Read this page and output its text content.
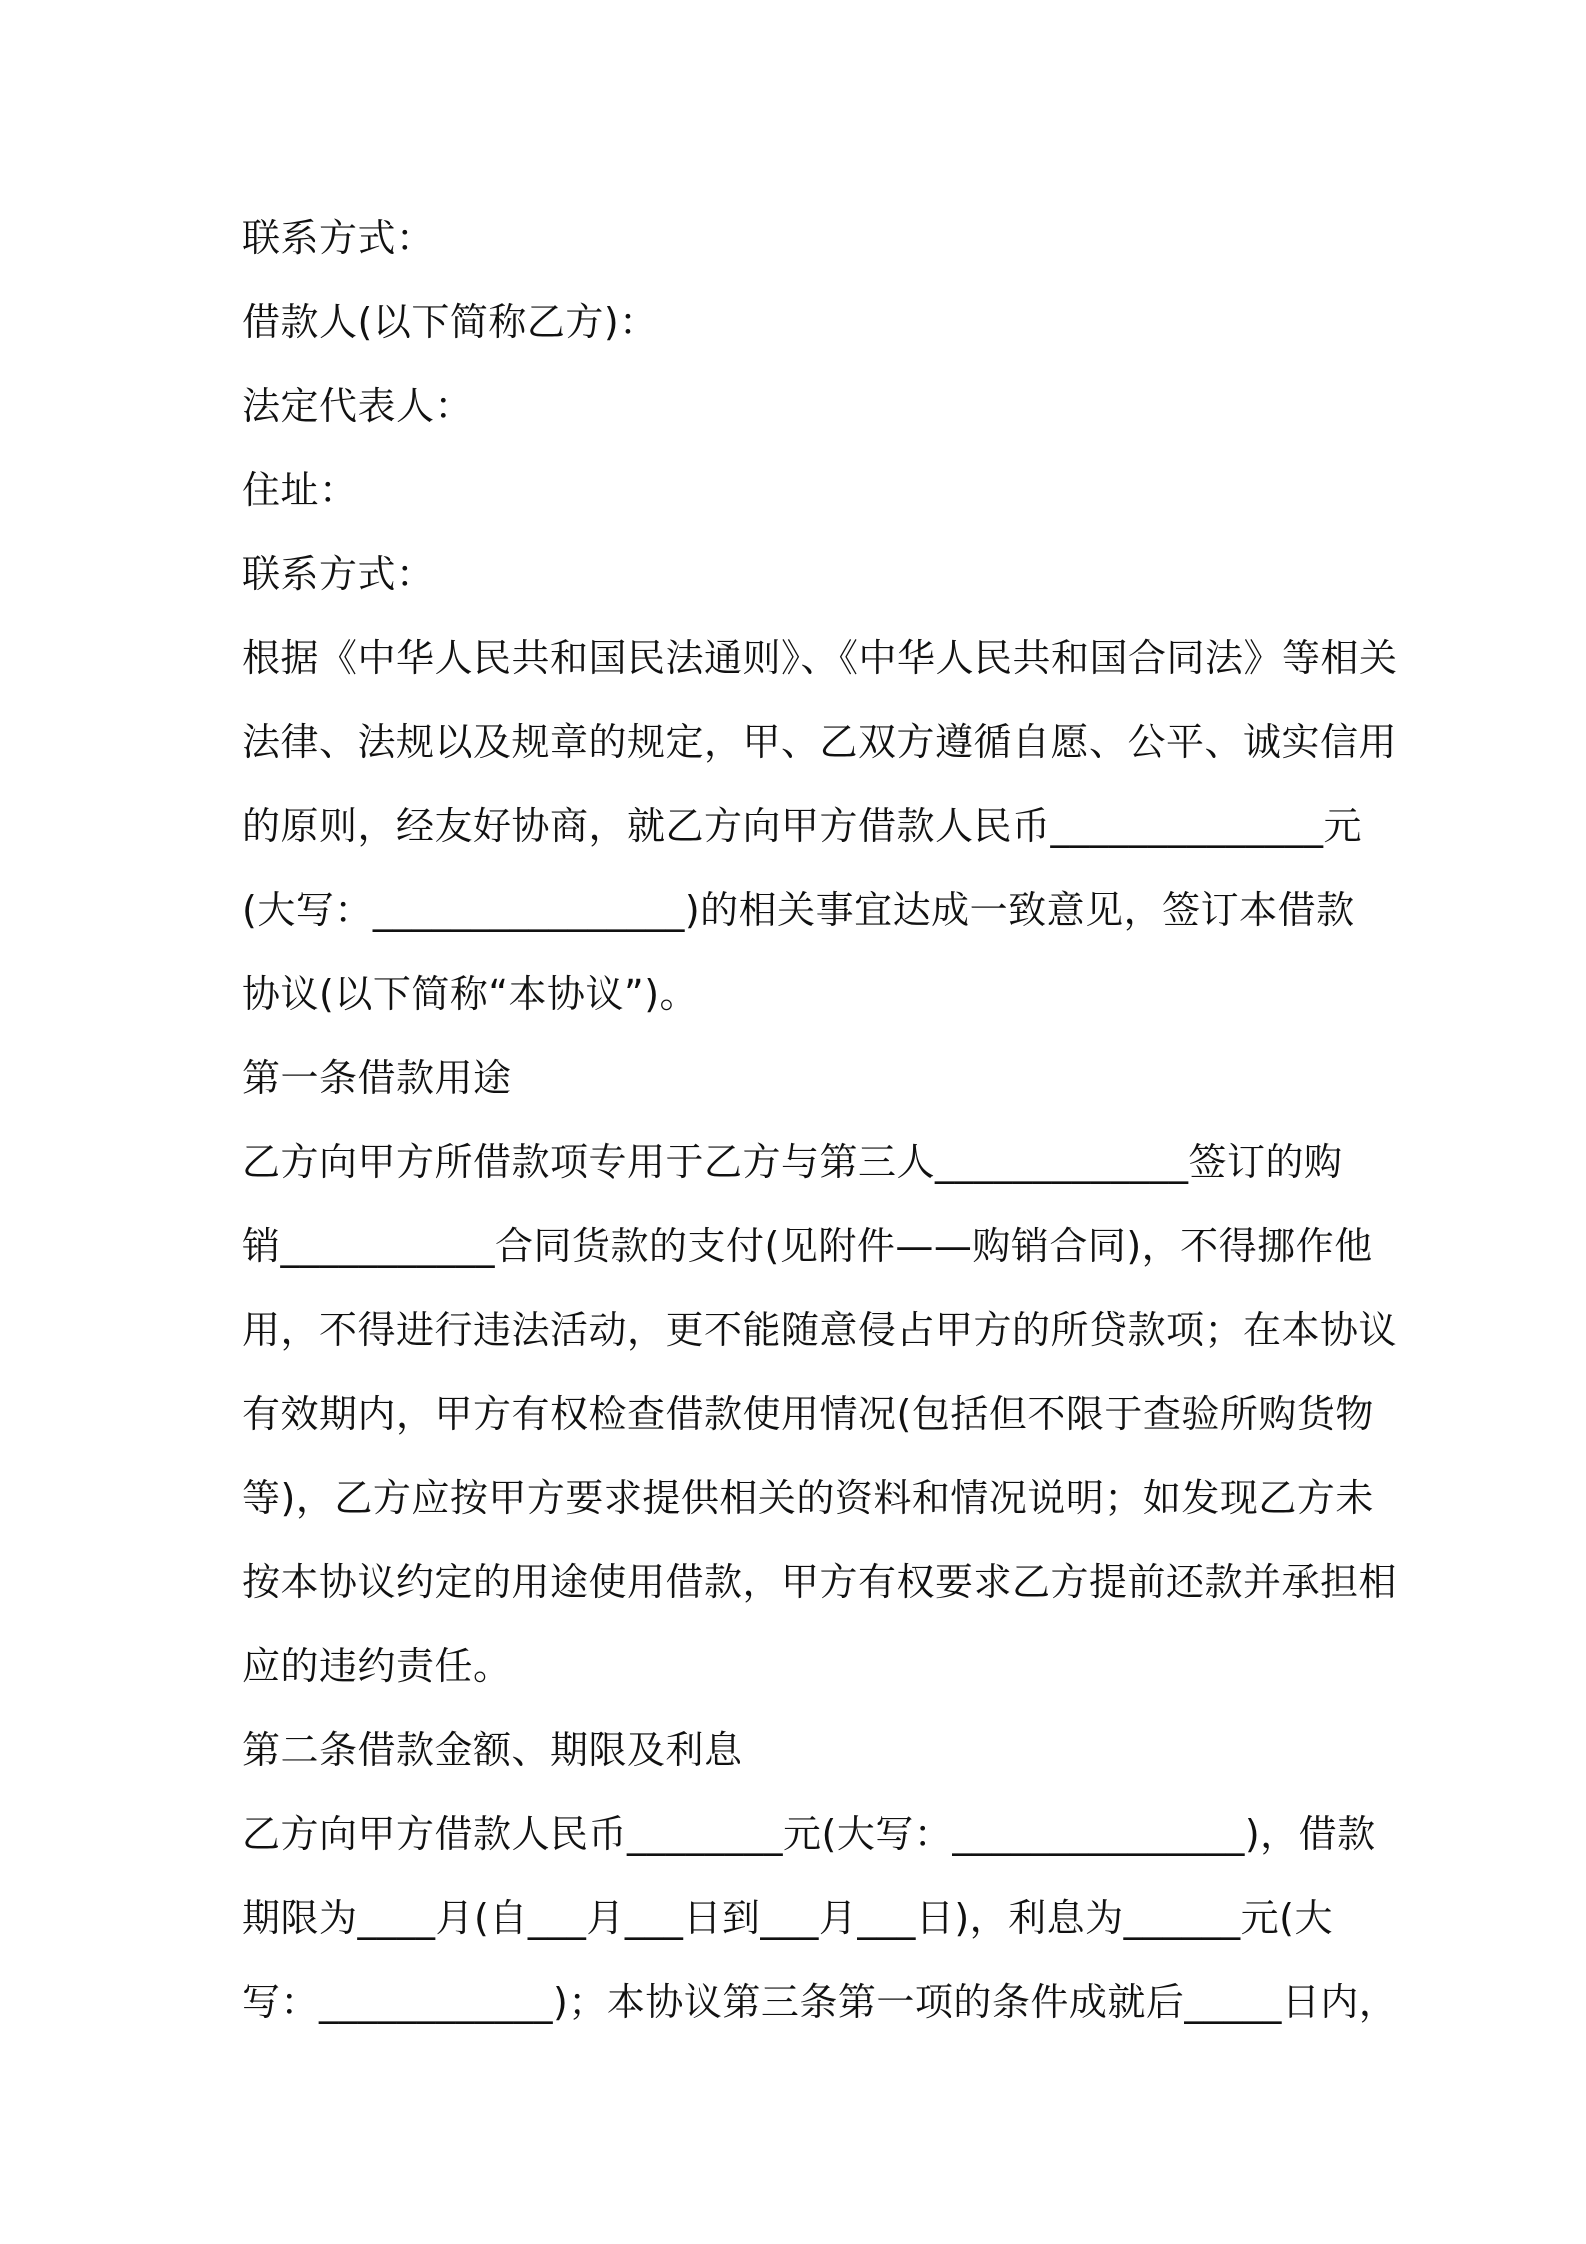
联系方式：
借款人(以下简称乙方)：
法定代表人：
住址：
联系方式：
根据《中华人民共和国民法通则》、《中华人民共和国合同法》等相关
法律、法规以及规章的规定，甲、乙双方遵循自愿、公平、诚实信用
的原则，经友好协商，就乙方向甲方借款人民币______________元
(大写：________________)的相关事宜达成一致意见，签订本借款
协议(以下简称“本协议”)。
第一条借款用途
乙方向甲方所借款项专用于乙方与第三人_____________签订的购
销___________合同货款的支付(见附件——购销合同)，不得挪作他
用，不得进行违法活动，更不能随意侵占甲方的所贷款项；在本协议
有效期内，甲方有权检查借款使用情况(包括但不限于查验所购货物
等)，乙方应按甲方要求提供相关的资料和情况说明；如发现乙方未
按本协议约定的用途使用借款，甲方有权要求乙方提前还款并承担相
应的违约责任。
第二条借款金额、期限及利息
乙方向甲方借款人民币________元(大写：_______________)，借款
期限为____月(自___月___日到___月___日)，利息为______元(大
写：____________)；本协议第三条第一项的条件成就后_____日内，
